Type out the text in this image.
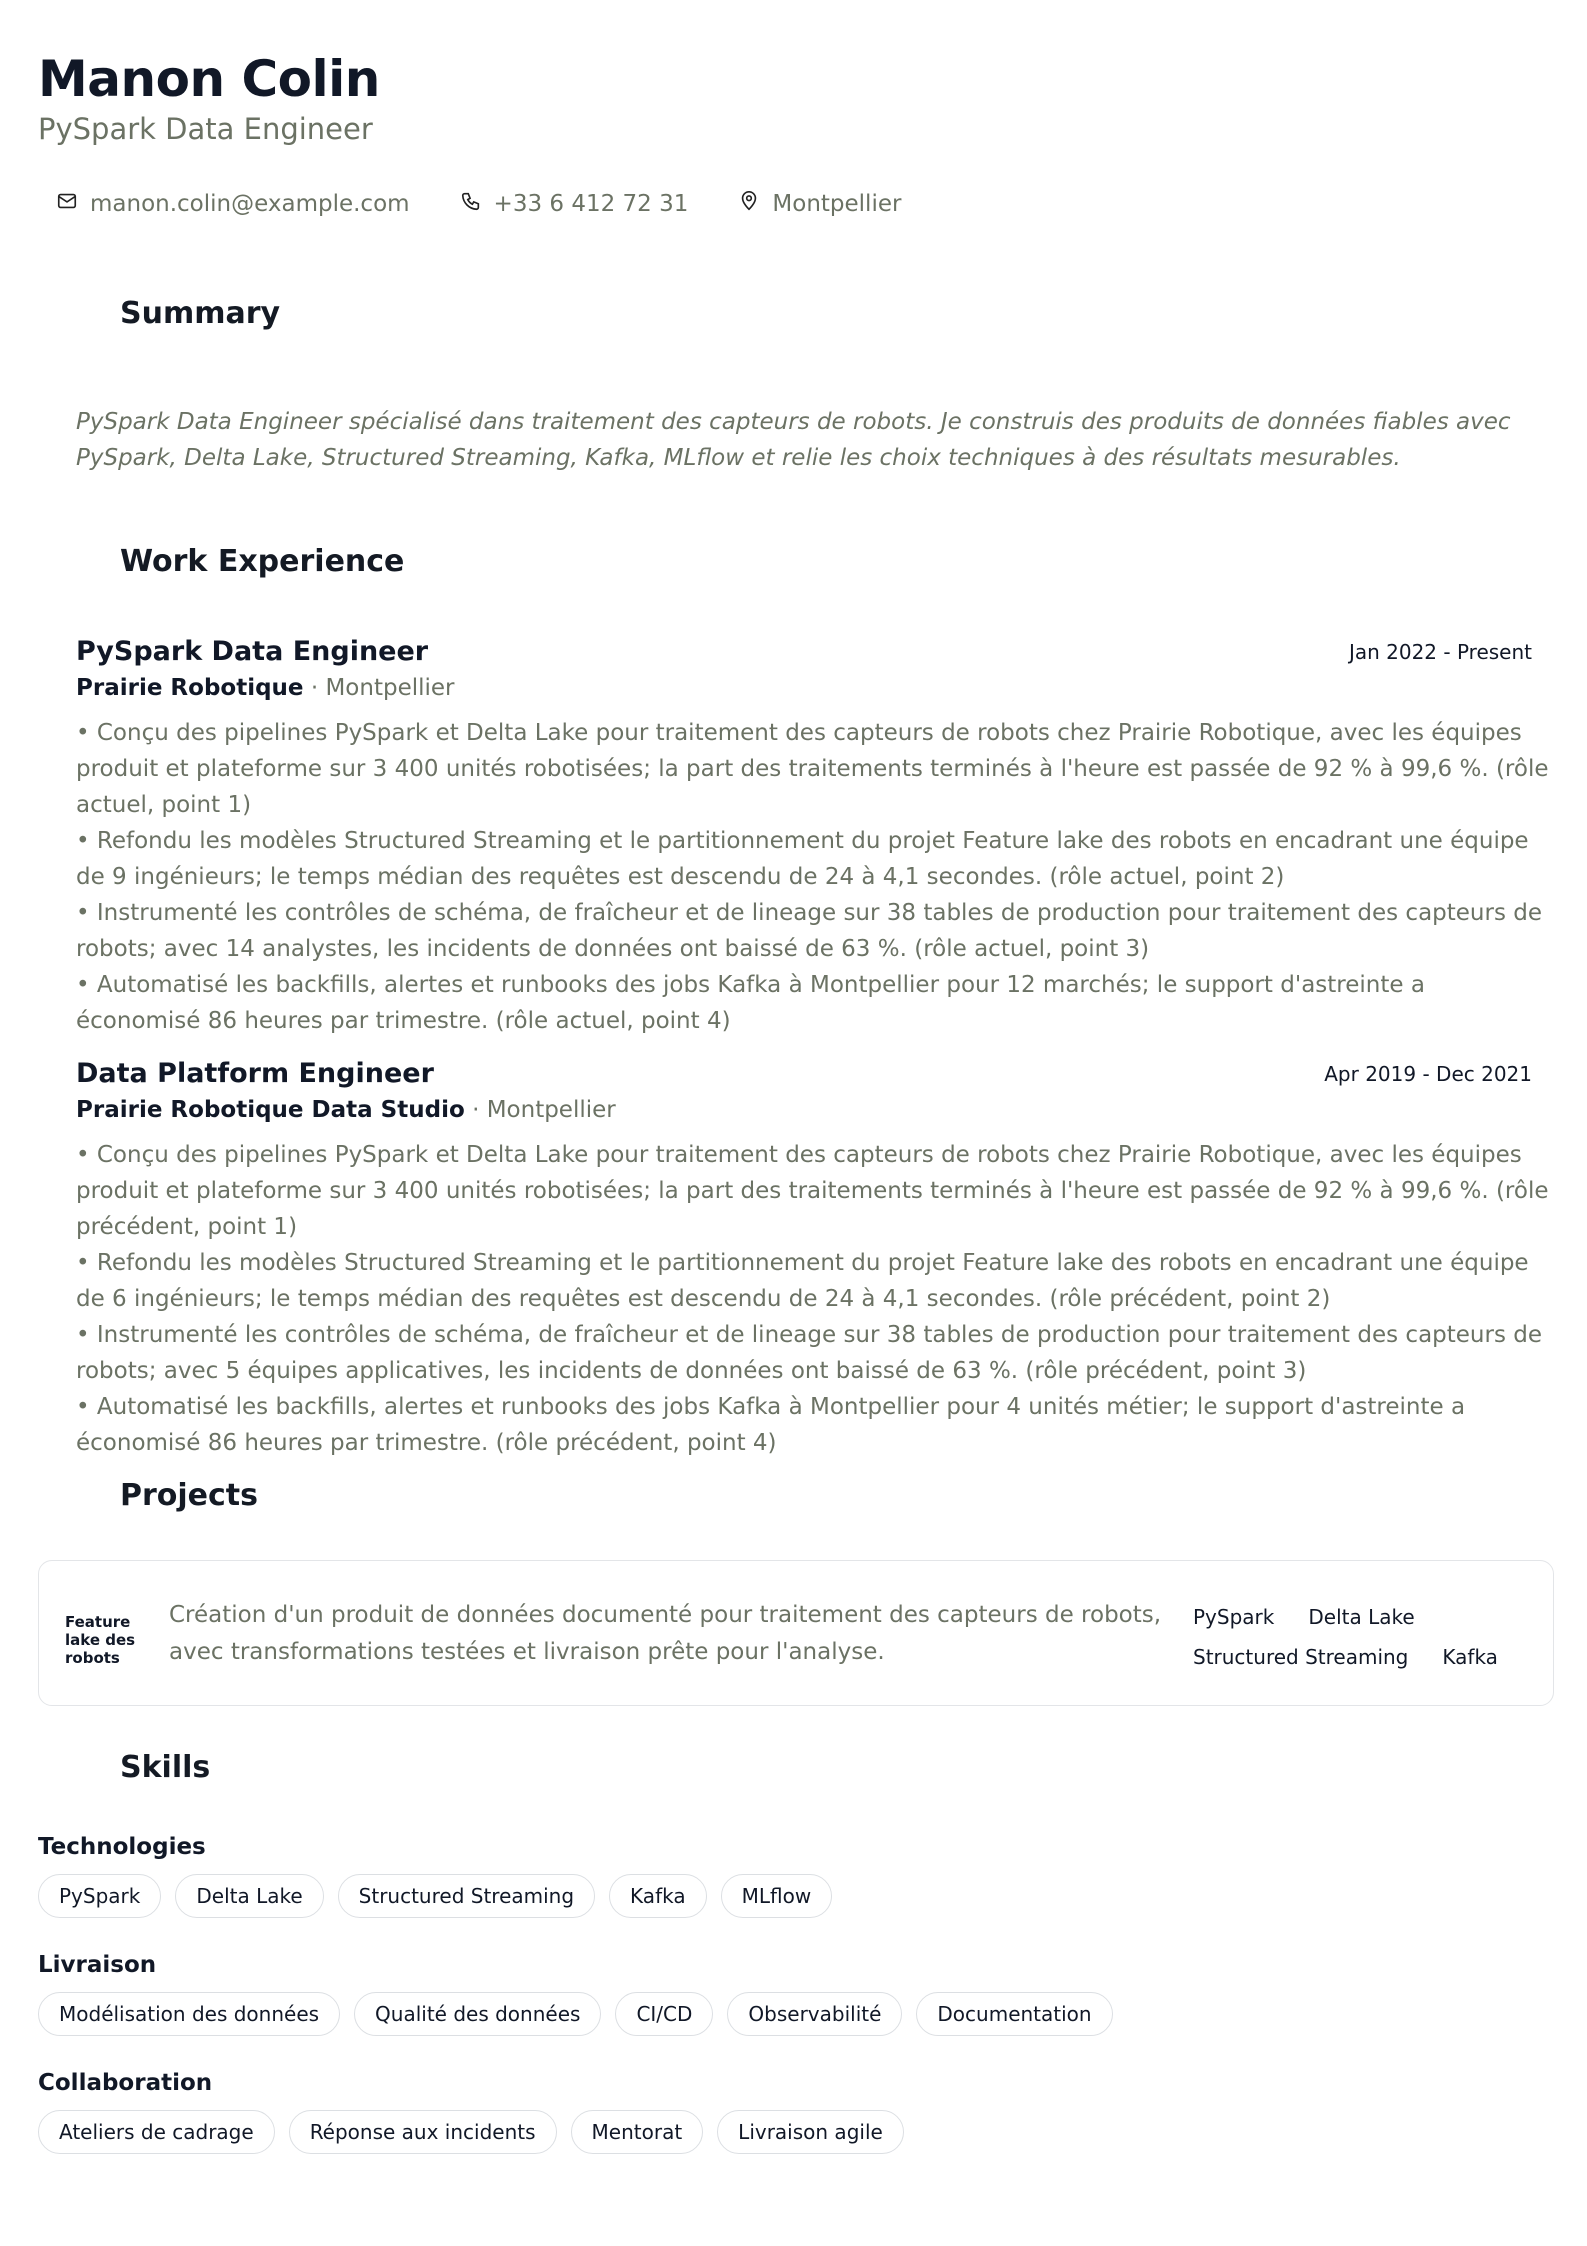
Manon Colin
PySpark Data Engineer
manon.colin@example.com	+33 6 412 72 31	Montpellier
Summary
PySpark Data Engineer spécialisé dans traitement des capteurs de robots. Je construis des produits de données fiables avec PySpark, Delta Lake, Structured Streaming, Kafka, MLflow et relie les choix techniques à des résultats mesurables.
Work Experience
PySpark Data Engineer	Jan 2022 - Present
Prairie Robotique · Montpellier
• Conçu des pipelines PySpark et Delta Lake pour traitement des capteurs de robots chez Prairie Robotique, avec les équipes produit et plateforme sur 3 400 unités robotisées; la part des traitements terminés à l'heure est passée de 92 % à 99,6 %. (rôle actuel, point 1)
• Refondu les modèles Structured Streaming et le partitionnement du projet Feature lake des robots en encadrant une équipe de 9 ingénieurs; le temps médian des requêtes est descendu de 24 à 4,1 secondes. (rôle actuel, point 2)
• Instrumenté les contrôles de schéma, de fraîcheur et de lineage sur 38 tables de production pour traitement des capteurs de robots; avec 14 analystes, les incidents de données ont baissé de 63 %. (rôle actuel, point 3)
• Automatisé les backfills, alertes et runbooks des jobs Kafka à Montpellier pour 12 marchés; le support d'astreinte a économisé 86 heures par trimestre. (rôle actuel, point 4)
Data Platform Engineer	Apr 2019 - Dec 2021
Prairie Robotique Data Studio · Montpellier
• Conçu des pipelines PySpark et Delta Lake pour traitement des capteurs de robots chez Prairie Robotique, avec les équipes produit et plateforme sur 3 400 unités robotisées; la part des traitements terminés à l'heure est passée de 92 % à 99,6 %. (rôle précédent, point 1)
• Refondu les modèles Structured Streaming et le partitionnement du projet Feature lake des robots en encadrant une équipe de 6 ingénieurs; le temps médian des requêtes est descendu de 24 à 4,1 secondes. (rôle précédent, point 2)
• Instrumenté les contrôles de schéma, de fraîcheur et de lineage sur 38 tables de production pour traitement des capteurs de robots; avec 5 équipes applicatives, les incidents de données ont baissé de 63 %. (rôle précédent, point 3)
• Automatisé les backfills, alertes et runbooks des jobs Kafka à Montpellier pour 4 unités métier; le support d'astreinte a économisé 86 heures par trimestre. (rôle précédent, point 4)
Projects
Feature lake des robots
Création d'un produit de données documenté pour traitement des capteurs de robots, avec transformations testées et livraison prête pour l'analyse.
PySpark Delta Lake
Structured Streaming Kafka
Skills
Technologies
PySpark	Delta Lake	Structured Streaming	Kafka	MLflow
Livraison
Modélisation des données	Qualité des données	CI/CD	Observabilité	Documentation
Collaboration
Ateliers de cadrage	Réponse aux incidents	Mentorat	Livraison agile
